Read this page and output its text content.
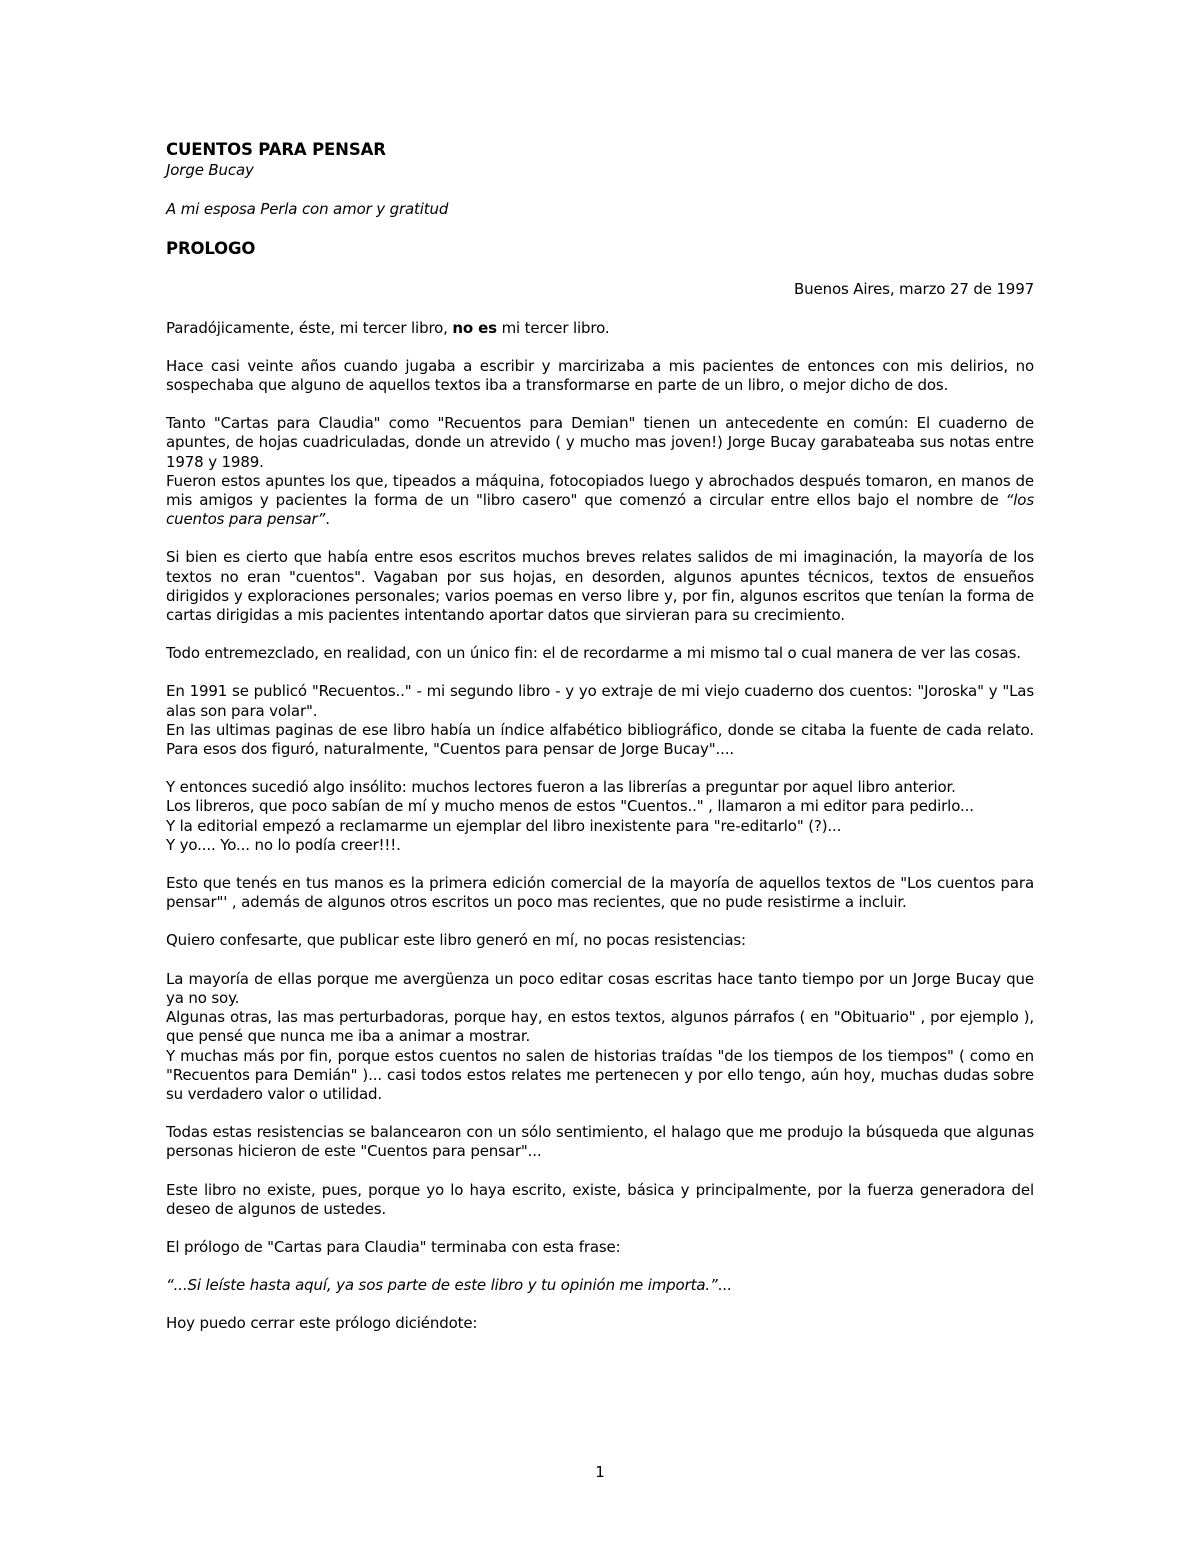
CUENTOS PARA PENSAR
Jorge Bucay
A mi esposa Perla con amor y gratitud
PROLOGO
Buenos Aires, marzo 27 de 1997

Paradójicamente, éste, mi tercer libro, no es mi tercer libro.

Hace casi veinte años cuando jugaba a escribir y marcirizaba a mis pacientes de entonces con mis delirios, no sospechaba que alguno de aquellos textos iba a transformarse en parte de un libro, o mejor dicho de dos.

Tanto "Cartas para Claudia" como "Recuentos para Demian" tienen un antecedente en común: El cuaderno de apuntes, de hojas cuadriculadas, donde un atrevido ( y mucho mas joven!) Jorge Bucay garabateaba sus notas entre 1978 y 1989.
Fueron estos apuntes los que, tipeados a máquina, fotocopiados luego y abrochados después tomaron, en manos de mis amigos y pacientes la forma de un "libro casero" que comenzó a circular entre ellos bajo el nombre de “los cuentos para pensar”.

Si bien es cierto que había entre esos escritos muchos breves relates salidos de mi imaginación, la mayoría de los textos no eran "cuentos". Vagaban por sus hojas, en desorden, algunos apuntes técnicos, textos de ensueños dirigidos y exploraciones personales; varios poemas en verso libre y, por fin, algunos escritos que tenían la forma de cartas dirigidas a mis pacientes intentando aportar datos que sirvieran para su crecimiento.

Todo entremezclado, en realidad, con un único fin: el de recordarme a mi mismo tal o cual manera de ver las cosas.

En 1991 se publicó "Recuentos.." - mi segundo libro - y yo extraje de mi viejo cuaderno dos cuentos: "Joroska" y "Las alas son para volar".
En las ultimas paginas de ese libro había un índice alfabético bibliográfico, donde se citaba la fuente de cada relato. Para esos dos figuró, naturalmente, "Cuentos para pensar de Jorge Bucay"....

Y entonces sucedió algo insólito: muchos lectores fueron a las librerías a preguntar por aquel libro anterior.
Los libreros, que poco sabían de mí y mucho menos de estos "Cuentos.." , llamaron a mi editor para pedirlo...
Y la editorial empezó a reclamarme un ejemplar del libro inexistente para "re-editarlo" (?)...
Y yo.... Yo... no lo podía creer!!!.

Esto que tenés en tus manos es la primera edición comercial de la mayoría de aquellos textos de "Los cuentos para pensar"' , además de algunos otros escritos un poco mas recientes, que no pude resistirme a incluir.

Quiero confesarte, que publicar este libro generó en mí, no pocas resistencias:

La mayoría de ellas porque me avergüenza un poco editar cosas escritas hace tanto tiempo por un Jorge Bucay que ya no soy.
Algunas otras, las mas perturbadoras, porque hay, en estos textos, algunos párrafos ( en "Obituario" , por ejemplo ), que pensé que nunca me iba a animar a mostrar.
Y muchas más por fin, porque estos cuentos no salen de historias traídas "de los tiempos de los tiempos" ( como en "Recuentos para Demián" )... casi todos estos relates me pertenecen y por ello tengo, aún hoy, muchas dudas sobre su verdadero valor o utilidad.

Todas estas resistencias se balancearon con un sólo sentimiento, el halago que me produjo la búsqueda que algunas personas hicieron de este "Cuentos para pensar"...

Este libro no existe, pues, porque yo lo haya escrito, existe, básica y principalmente, por la fuerza generadora del deseo de algunos de ustedes.

El prólogo de "Cartas para Claudia" terminaba con esta frase:

“...Si leíste hasta aquí, ya sos parte de este libro y tu opinión me importa.”...

Hoy puedo cerrar este prólogo diciéndote:

1
